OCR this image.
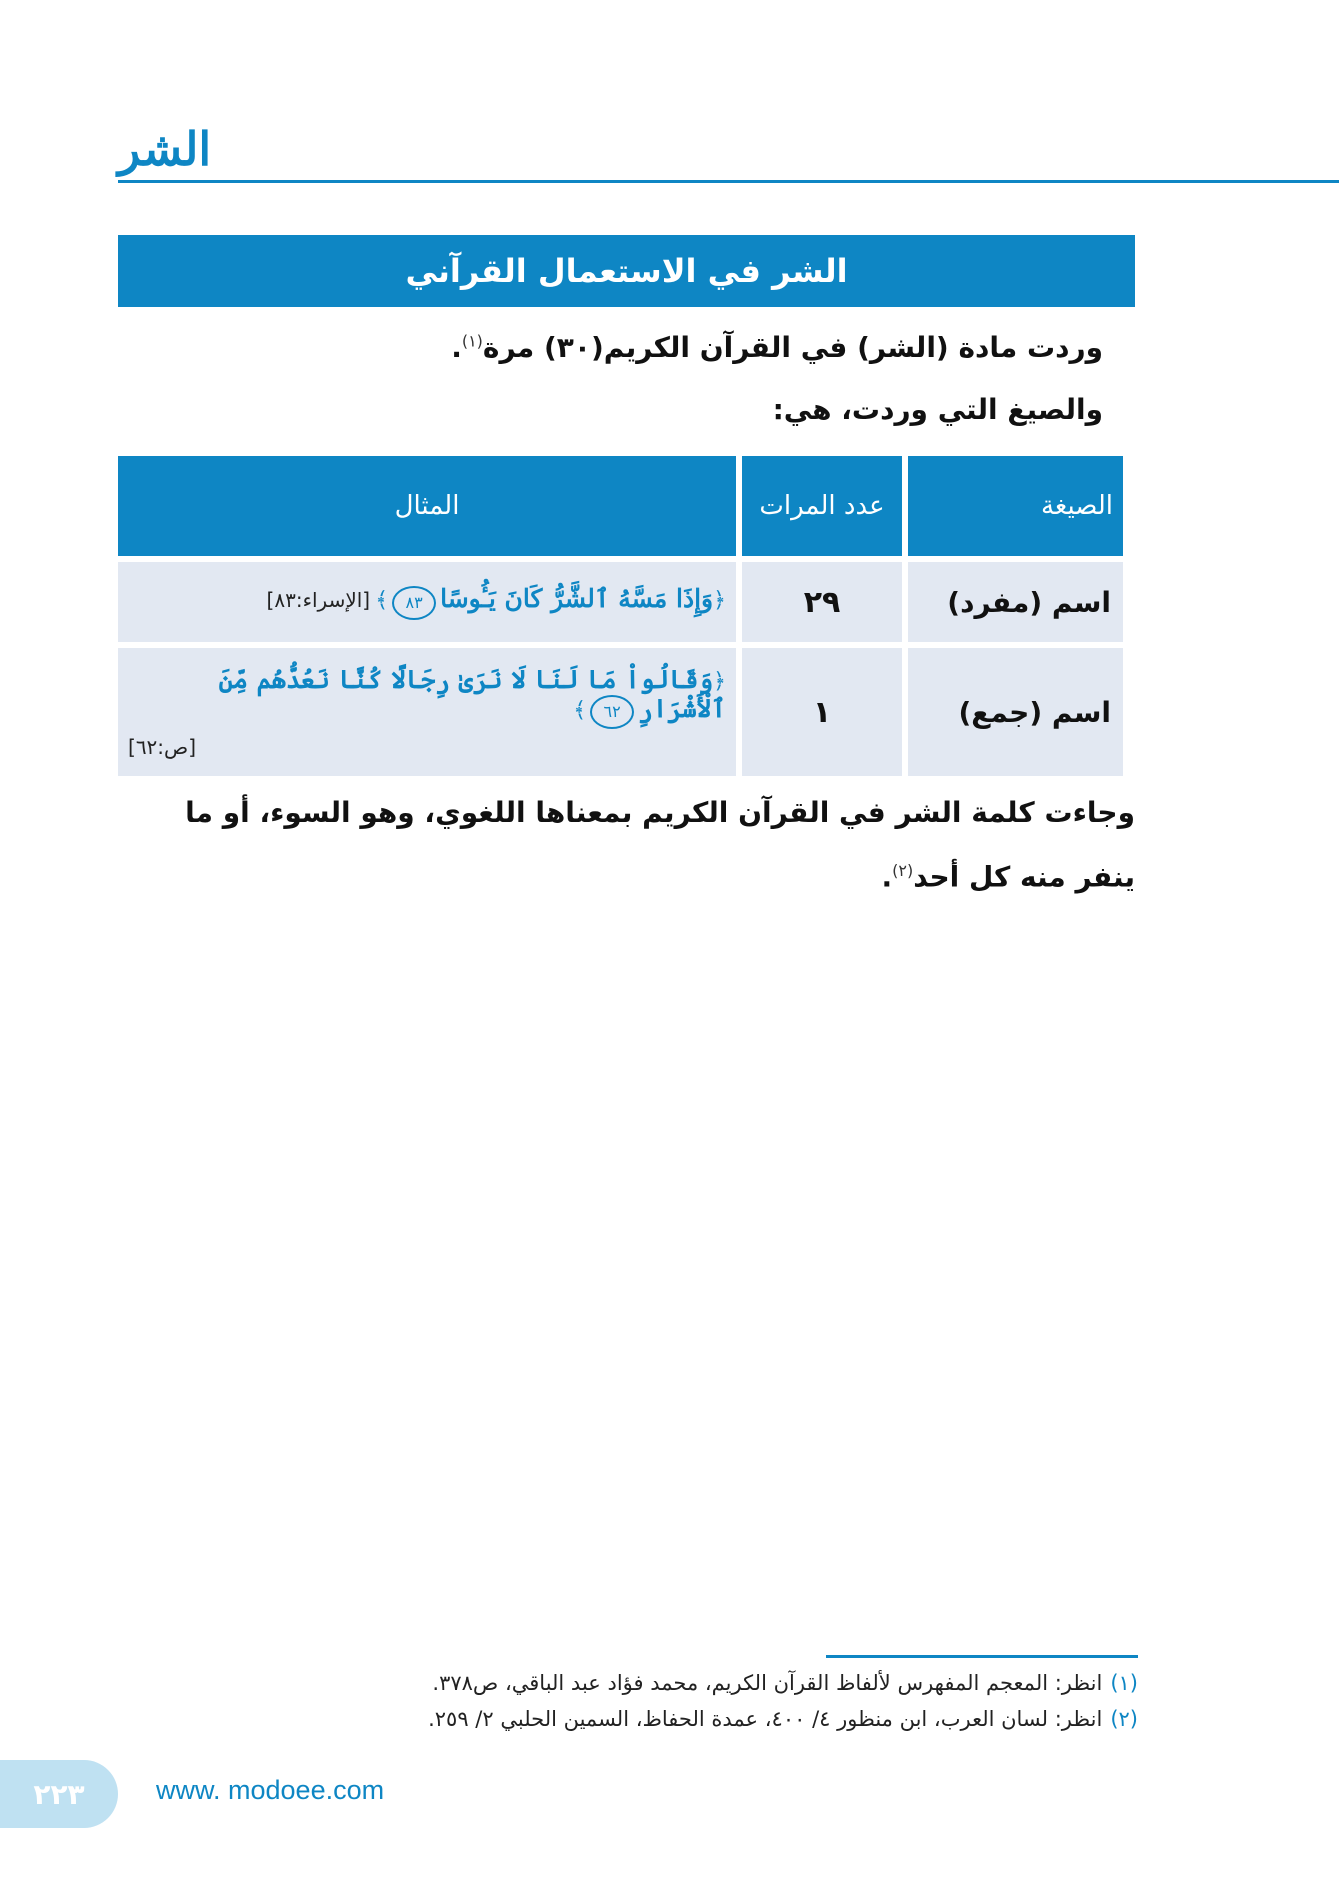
الشر
الشر في الاستعمال القرآني
وردت مادة (الشر) في القرآن الكريم(٣٠) مرة$^{(١)}$.
والصيغ التي وردت، هي:
الصيغة	عدد المرات	المثال
اسم (مفرد)	٢٩	﴿وَإِذَا مَسَّهُ ٱلشَّرُّ كَانَ يَـُٔوسًا٨٣﴾ [الإسراء:٨٣]
اسم (جمع)	١	﴿وَقَالُواْ مَا لَنَا لَا نَرَىٰ رِجَالًا كُنَّا نَعُدُّهُم مِّنَ ٱلْأَشْرَارِ٦٢﴾
[ص:٦٢]
وجاءت كلمة الشر في القرآن الكريم بمعناها اللغوي، وهو السوء، أو ما ينفر منه كل أحد$^{(٢)}$.
(١)انظر: المعجم المفهرس لألفاظ القرآن الكريم، محمد فؤاد عبد الباقي، ص٣٧٨.
(٢)انظر: لسان العرب، ابن منظور ٤/ ٤٠٠، عمدة الحفاظ، السمين الحلبي ٢/ ٢٥٩.
٢٢٣	www. modoee.com
